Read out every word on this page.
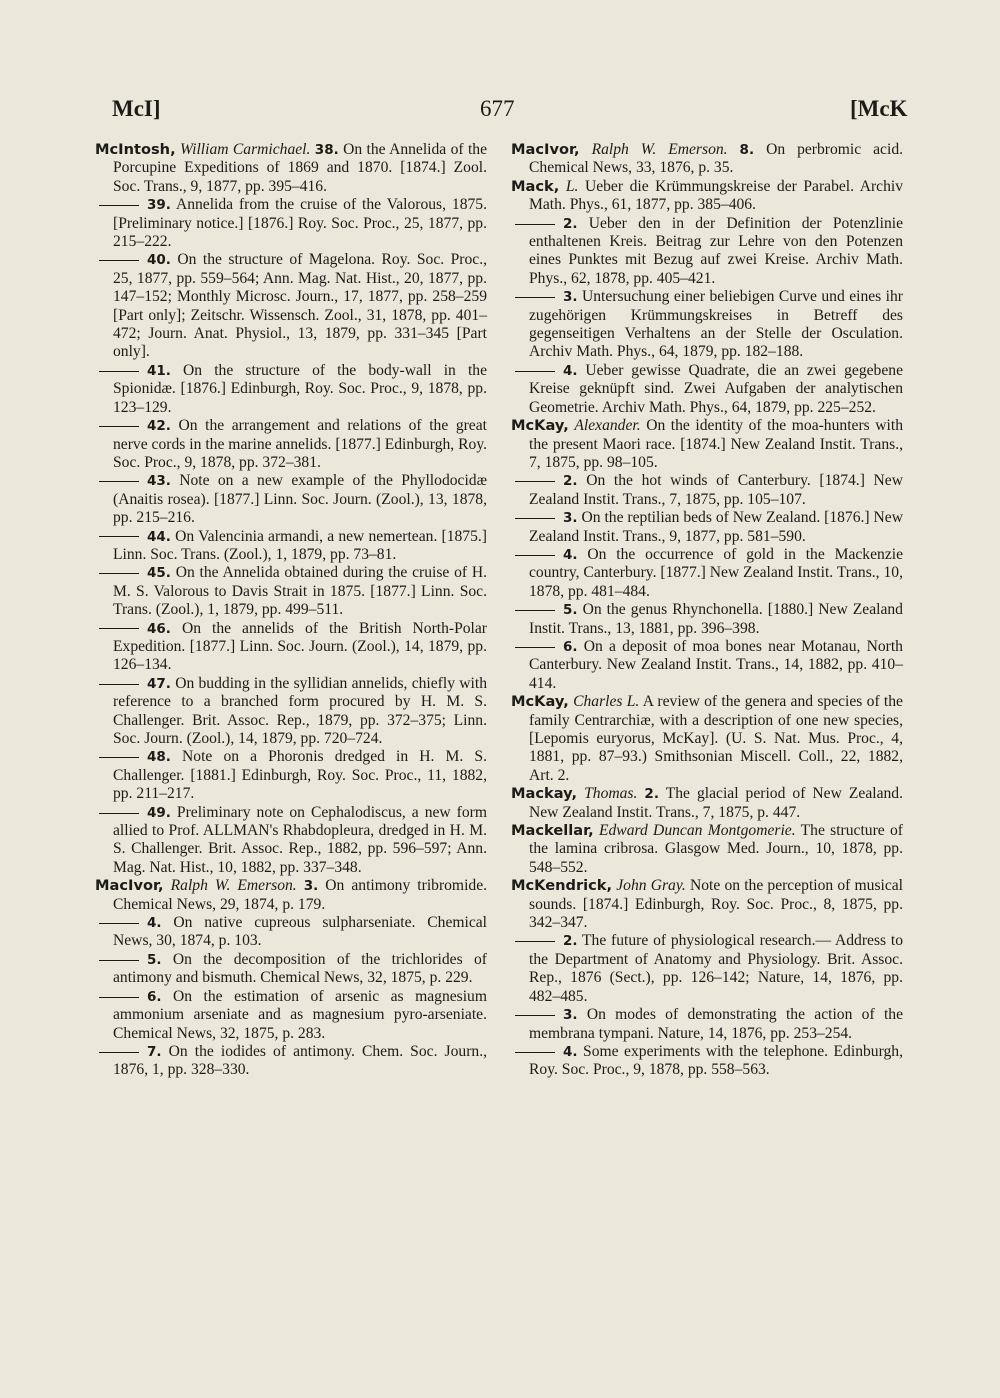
McI]	677	[McK

McIntosh, William Carmichael. 38. On the Annelida of the Porcupine Expeditions of 1869 and 1870. [1874.] Zool. Soc. Trans., 9, 1877, pp. 395–416.

39. Annelida from the cruise of the Valorous, 1875. [Preliminary notice.] [1876.] Roy. Soc. Proc., 25, 1877, pp. 215–222.

40. On the structure of Magelona. Roy. Soc. Proc., 25, 1877, pp. 559–564; Ann. Mag. Nat. Hist., 20, 1877, pp. 147–152; Monthly Microsc. Journ., 17, 1877, pp. 258–259 [Part only]; Zeitschr. Wissensch. Zool., 31, 1878, pp. 401–472; Journ. Anat. Physiol., 13, 1879, pp. 331–345 [Part only].

41. On the structure of the body-wall in the Spionidæ. [1876.] Edinburgh, Roy. Soc. Proc., 9, 1878, pp. 123–129.

42. On the arrangement and relations of the great nerve cords in the marine annelids. [1877.] Edinburgh, Roy. Soc. Proc., 9, 1878, pp. 372–381.

43. Note on a new example of the Phyllodocidæ (Anaitis rosea). [1877.] Linn. Soc. Journ. (Zool.), 13, 1878, pp. 215–216.

44. On Valencinia armandi, a new nemertean. [1875.] Linn. Soc. Trans. (Zool.), 1, 1879, pp. 73–81.

45. On the Annelida obtained during the cruise of H. M. S. Valorous to Davis Strait in 1875. [1877.] Linn. Soc. Trans. (Zool.), 1, 1879, pp. 499–511.

46. On the annelids of the British North-Polar Expedition. [1877.] Linn. Soc. Journ. (Zool.), 14, 1879, pp. 126–134.

47. On budding in the syllidian annelids, chiefly with reference to a branched form procured by H. M. S. Challenger. Brit. Assoc. Rep., 1879, pp. 372–375; Linn. Soc. Journ. (Zool.), 14, 1879, pp. 720–724.

48. Note on a Phoronis dredged in H. M. S. Challenger. [1881.] Edinburgh, Roy. Soc. Proc., 11, 1882, pp. 211–217.

49. Preliminary note on Cephalodiscus, a new form allied to Prof. ALLMAN's Rhabdopleura, dredged in H. M. S. Challenger. Brit. Assoc. Rep., 1882, pp. 596–597; Ann. Mag. Nat. Hist., 10, 1882, pp. 337–348.

MacIvor, Ralph W. Emerson. 3. On antimony tribromide. Chemical News, 29, 1874, p. 179.

4. On native cupreous sulpharseniate. Chemical News, 30, 1874, p. 103.

5. On the decomposition of the trichlorides of antimony and bismuth. Chemical News, 32, 1875, p. 229.

6. On the estimation of arsenic as magnesium ammonium arseniate and as magnesium pyro-arseniate. Chemical News, 32, 1875, p. 283.

7. On the iodides of antimony. Chem. Soc. Journ., 1876, 1, pp. 328–330.

MacIvor, Ralph W. Emerson. 8. On perbromic acid. Chemical News, 33, 1876, p. 35.

Mack, L. Ueber die Krümmungskreise der Parabel. Archiv Math. Phys., 61, 1877, pp. 385–406.

2. Ueber den in der Definition der Potenzlinie enthaltenen Kreis. Beitrag zur Lehre von den Potenzen eines Punktes mit Bezug auf zwei Kreise. Archiv Math. Phys., 62, 1878, pp. 405–421.

3. Untersuchung einer beliebigen Curve und eines ihr zugehörigen Krümmungskreises in Betreff des gegenseitigen Verhaltens an der Stelle der Osculation. Archiv Math. Phys., 64, 1879, pp. 182–188.

4. Ueber gewisse Quadrate, die an zwei gegebene Kreise geknüpft sind. Zwei Aufgaben der analytischen Geometrie. Archiv Math. Phys., 64, 1879, pp. 225–252.

McKay, Alexander. On the identity of the moa-hunters with the present Maori race. [1874.] New Zealand Instit. Trans., 7, 1875, pp. 98–105.

2. On the hot winds of Canterbury. [1874.] New Zealand Instit. Trans., 7, 1875, pp. 105–107.

3. On the reptilian beds of New Zealand. [1876.] New Zealand Instit. Trans., 9, 1877, pp. 581–590.

4. On the occurrence of gold in the Mackenzie country, Canterbury. [1877.] New Zealand Instit. Trans., 10, 1878, pp. 481–484.

5. On the genus Rhynchonella. [1880.] New Zealand Instit. Trans., 13, 1881, pp. 396–398.

6. On a deposit of moa bones near Motanau, North Canterbury. New Zealand Instit. Trans., 14, 1882, pp. 410–414.

McKay, Charles L. A review of the genera and species of the family Centrarchiæ, with a description of one new species, [Lepomis euryorus, McKay]. (U. S. Nat. Mus. Proc., 4, 1881, pp. 87–93.) Smithsonian Miscell. Coll., 22, 1882, Art. 2.

Mackay, Thomas. 2. The glacial period of New Zealand. New Zealand Instit. Trans., 7, 1875, p. 447.

Mackellar, Edward Duncan Montgomerie. The structure of the lamina cribrosa. Glasgow Med. Journ., 10, 1878, pp. 548–552.

McKendrick, John Gray. Note on the perception of musical sounds. [1874.] Edinburgh, Roy. Soc. Proc., 8, 1875, pp. 342–347.

2. The future of physiological research.— Address to the Department of Anatomy and Physiology. Brit. Assoc. Rep., 1876 (Sect.), pp. 126–142; Nature, 14, 1876, pp. 482–485.

3. On modes of demonstrating the action of the membrana tympani. Nature, 14, 1876, pp. 253–254.

4. Some experiments with the telephone. Edinburgh, Roy. Soc. Proc., 9, 1878, pp. 558–563.
